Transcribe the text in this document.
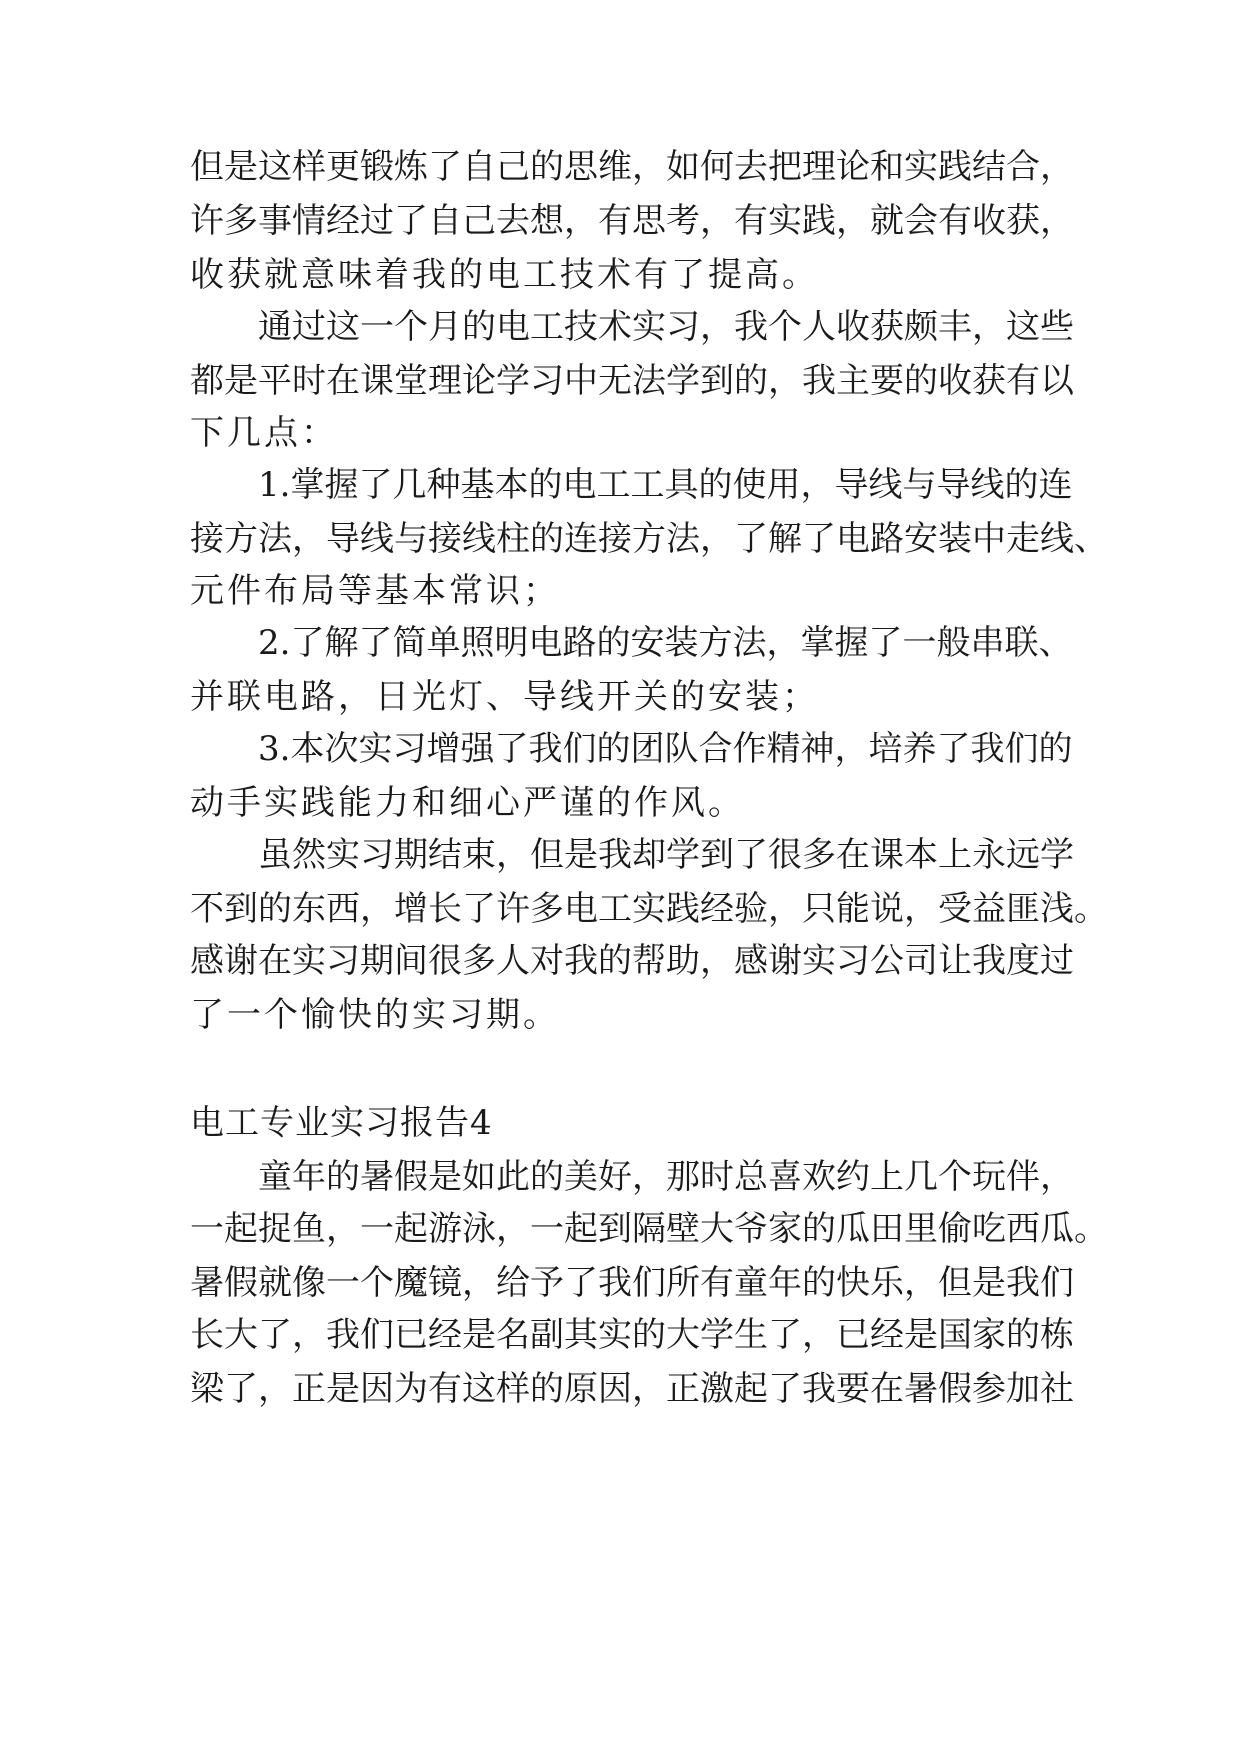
但是这样更锻炼了自己的思维，如何去把理论和实践结合，
许多事情经过了自己去想，有思考，有实践，就会有收获，
收获就意味着我的电工技术有了提高。
通过这一个月的电工技术实习，我个人收获颇丰，这些
都是平时在课堂理论学习中无法学到的，我主要的收获有以
下几点：
1.掌握了几种基本的电工工具的使用，导线与导线的连
接方法，导线与接线柱的连接方法，了解了电路安装中走线、
元件布局等基本常识；
2.了解了简单照明电路的安装方法，掌握了一般串联、
并联电路，日光灯、导线开关的安装；
3.本次实习增强了我们的团队合作精神，培养了我们的
动手实践能力和细心严谨的作风。
虽然实习期结束，但是我却学到了很多在课本上永远学
不到的东西，增长了许多电工实践经验，只能说，受益匪浅。
感谢在实习期间很多人对我的帮助，感谢实习公司让我度过
了一个愉快的实习期。
电工专业实习报告4
童年的暑假是如此的美好，那时总喜欢约上几个玩伴，
一起捉鱼，一起游泳，一起到隔壁大爷家的瓜田里偷吃西瓜。
暑假就像一个魔镜，给予了我们所有童年的快乐，但是我们
长大了，我们已经是名副其实的大学生了，已经是国家的栋
梁了，正是因为有这样的原因，正激起了我要在暑假参加社
